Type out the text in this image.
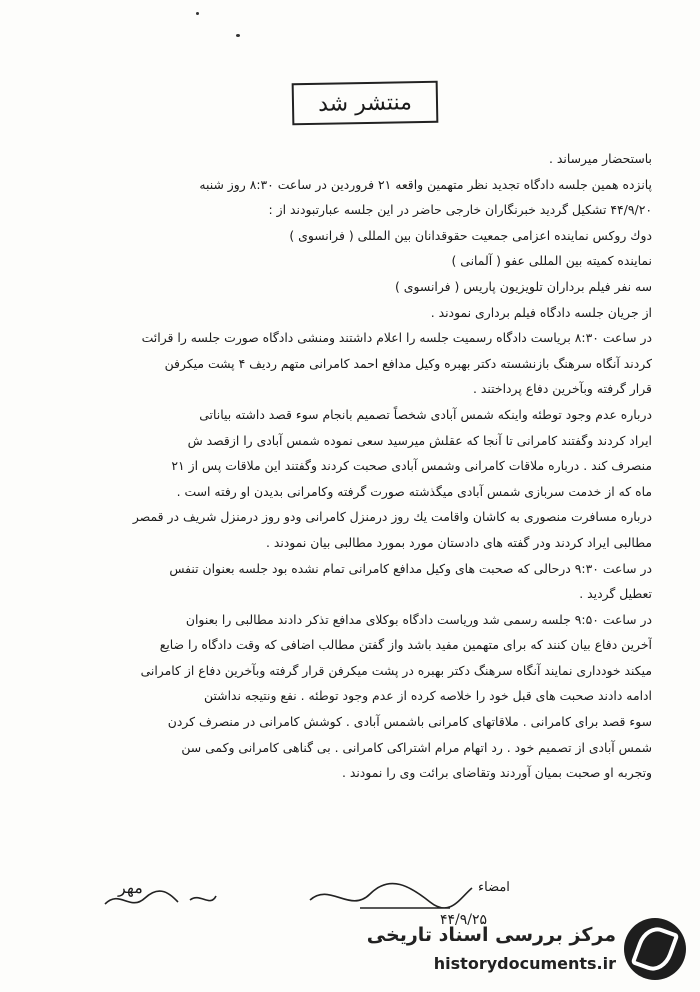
منتشر شد
باستحضار میرساند .
پانزده همین جلسه دادگاه تجدید نظر متهمین واقعه ۲۱ فروردین در ساعت ۸:۳۰ روز شنبه
۴۴/۹/۲۰ تشکیل گردید خبرنگاران خارجی حاضر در این جلسه عبارتبودند از :
دوك روكس نماینده اعزامی جمعیت حقوقدانان بین المللی ( فرانسوی )
نماینده کمیته بین المللی عفو ( آلمانی )
سه نفر فیلم برداران تلویزیون پاریس ( فرانسوی )
از جریان جلسه دادگاه فیلم برداری نمودند .
در ساعت ۸:۳۰ بریاست دادگاه رسمیت جلسه را اعلام داشتند ومنشی دادگاه صورت جلسه را قرائت
کردند آنگاه سرهنگ بازنشسته دکتر بهبره وکیل مدافع احمد کامرانی متهم ردیف ۴ پشت میکرفن
قرار گرفته وبآخرین دفاع پرداختند .
درباره عدم وجود توطئه واینکه شمس آبادی شخصاً تصمیم بانجام سوء قصد داشته بیاناتی
ایراد کردند وگفتند کامرانی تا آنجا که عقلش میرسید سعی نموده شمس آبادی را ازقصد ش
منصرف کند . درباره ملاقات کامرانی وشمس آبادی صحبت کردند وگفتند این ملاقات پس از ۲۱
ماه که از خدمت سربازی شمس آبادی میگذشته صورت گرفته وکامرانی بدیدن او رفته است .
درباره مسافرت منصوری به کاشان واقامت یك روز درمنزل کامرانی ودو روز درمنزل شریف در قمصر
مطالبی ایراد کردند ودر گفته های دادستان مورد بمورد مطالبی بیان نمودند .
در ساعت ۹:۳۰ درحالی که صحبت های وکیل مدافع کامرانی تمام نشده بود جلسه بعنوان تنفس
تعطیل گردید .
در ساعت ۹:۵۰ جلسه رسمی شد وریاست دادگاه بوکلای مدافع تذکر دادند مطالبی را بعنوان
آخرین دفاع بیان کنند که برای متهمین مفید باشد واز گفتن مطالب اضافی که وقت دادگاه را ضایع
میکند خودداری نمایند آنگاه سرهنگ دکتر بهبره در پشت میکرفن قرار گرفته وبآخرین دفاع از کامرانی
ادامه دادند صحبت های قبل خود را خلاصه کرده از عدم وجود توطئه . نفع ونتیجه نداشتن
سوء قصد برای کامرانی . ملاقاتهای کامرانی باشمس آبادی . کوشش کامرانی در منصرف کردن
شمس آبادی از تصمیم خود . رد اتهام مرام اشتراکی کامرانی . بی گناهی کامرانی وکمی سن
وتجربه او صحبت بمیان آوردند وتقاضای برائت وی را نمودند .
مهر
۴۴/۹/۲۵
امضاء
مرکز بررسی اسناد تاریخی
historydocuments.ir
